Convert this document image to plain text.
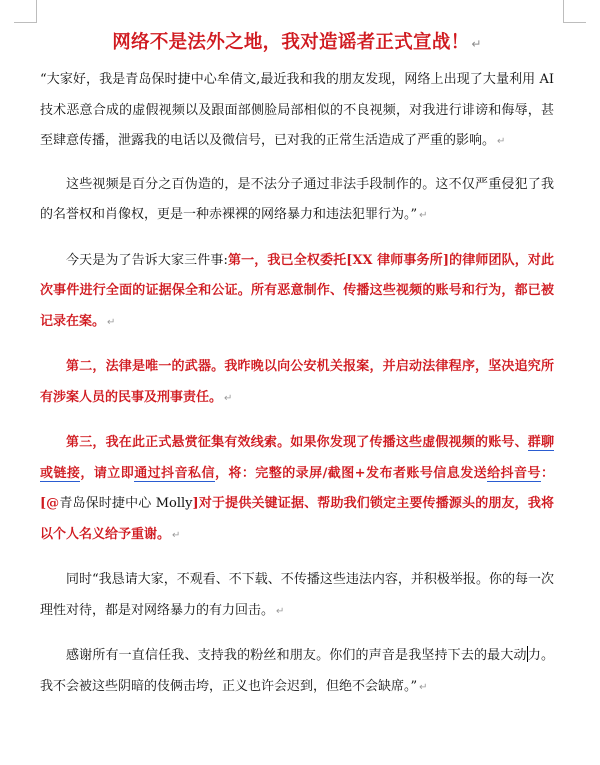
网络不是法外之地，我对造谣者正式宣战！ ↵
“大家好，我是青岛保时捷中心牟倩文,最近我和我的朋友发现，网络上出现了大量利用 AI 技术恶意合成的虚假视频以及跟面部侧脸局部相似的不良视频，对我进行诽谤和侮辱，甚至肆意传播，泄露我的电话以及微信号，已对我的正常生活造成了严重的影响。 ↵
这些视频是百分之百伪造的，是不法分子通过非法手段制作的。这不仅严重侵犯了我的名誉权和肖像权，更是一种赤裸裸的网络暴力和违法犯罪行为。” ↵
今天是为了告诉大家三件事:第一，我已全权委托[XX 律师事务所]的律师团队，对此次事件进行全面的证据保全和公证。所有恶意制作、传播这些视频的账号和行为，都已被记录在案。 ↵
第二，法律是唯一的武器。我昨晚以向公安机关报案，并启动法律程序，坚决追究所有涉案人员的民事及刑事责任。 ↵
第三，我在此正式悬赏征集有效线索。如果你发现了传播这些虚假视频的账号、群聊或链接，请立即通过抖音私信，将：完整的录屏/截图+发布者账号信息发送给抖音号：[@青岛保时捷中心 Molly]对于提供关键证据、帮助我们锁定主要传播源头的朋友，我将以个人名义给予重谢。 ↵
同时“我恳请大家，不观看、不下载、不传播这些违法内容，并积极举报。你的每一次理性对待，都是对网络暴力的有力回击。 ↵
感谢所有一直信任我、支持我的粉丝和朋友。你们的声音是我坚持下去的最大动力。我不会被这些阴暗的伎俩击垮，正义也许会迟到，但绝不会缺席。” ↵
